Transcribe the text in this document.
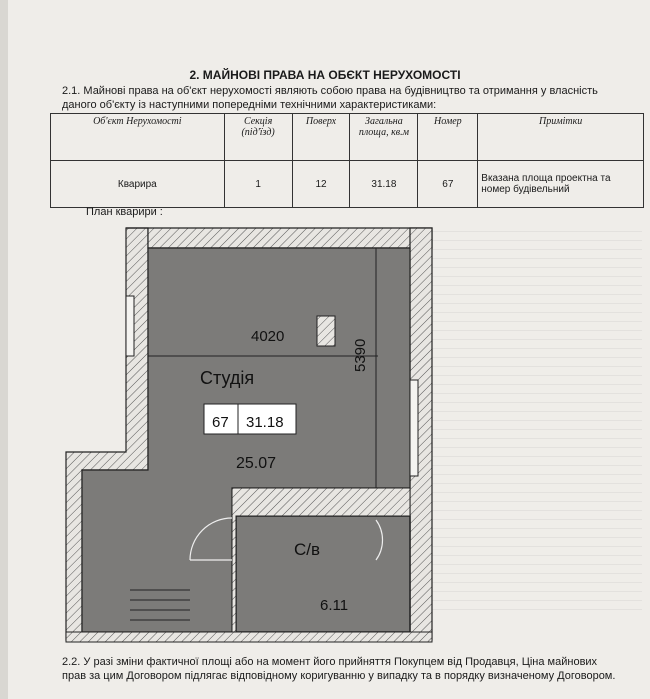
2. МАЙНОВІ ПРАВА НА ОБЄКТ НЕРУХОМОСТІ
2.1. Майнові права на об'єкт нерухомості являють собою права на будівництво та отримання у власність даного об'єкту із наступними попередніми технічними характеристиками:
Об'єкт Нерухомості	Секція (під'їзд)	Поверх	Загальна площа, кв.м	Номер	Примітки
Кварира	1	12	31.18	67	Вказана площа проектна та номер будівельний
План кварири :
4020
5390
Студія
67 31.18
25.07
С/в
6.11
2.2. У разі зміни фактичної площі або на момент його прийняття Покупцем від Продавця, Ціна майнових прав за цим Договором підлягає відповідному коригуванню у випадку та в порядку визначеному Договором.
